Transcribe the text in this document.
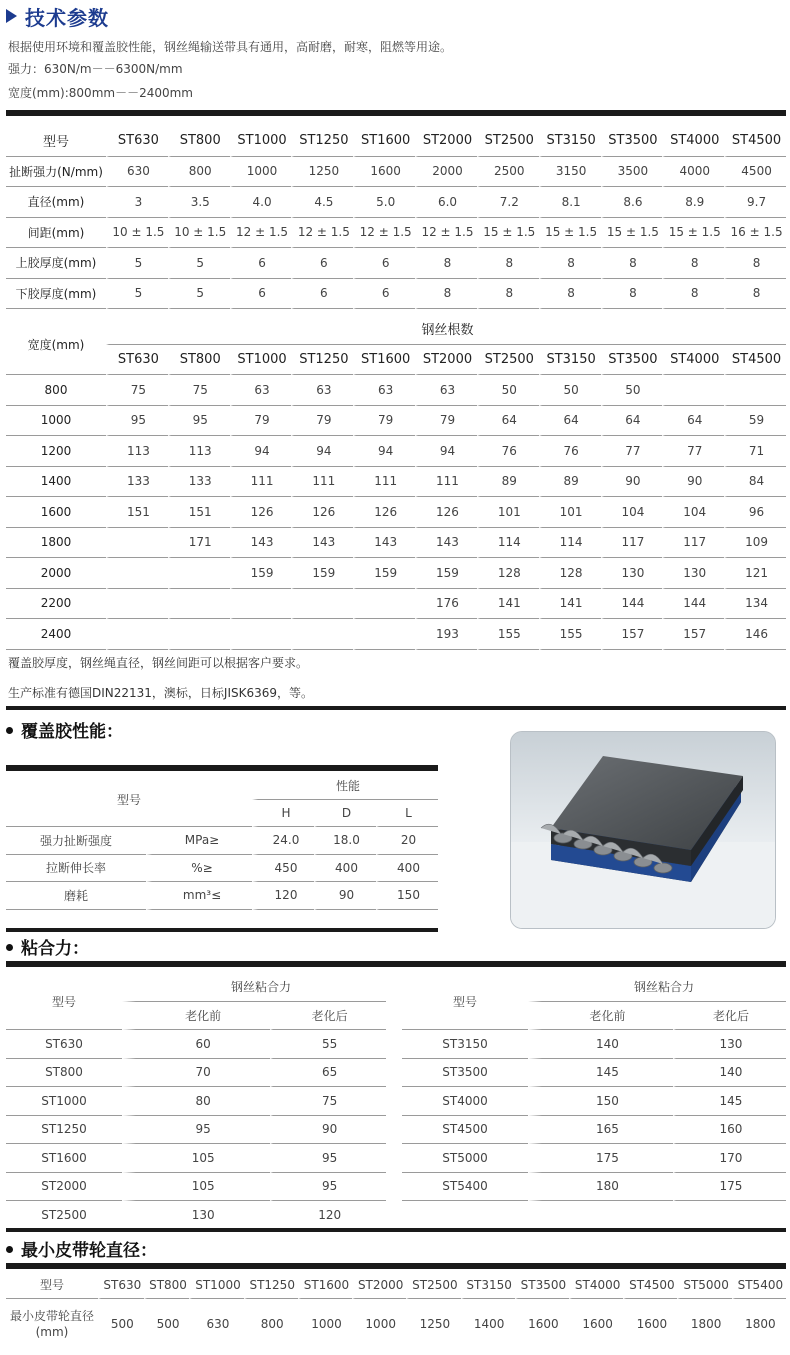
技术参数
根据使用环境和覆盖胶性能，钢丝绳输送带具有通用，高耐磨，耐寒，阻燃等用途。
强力：630N/m－－6300N/mm
宽度(mm):800mm－－2400mm
型号	ST630	ST800	ST1000	ST1250	ST1600	ST2000	ST2500	ST3150	ST3500	ST4000	ST4500
扯断强力(N/mm)	630	800	1000	1250	1600	2000	2500	3150	3500	4000	4500
直径(mm)	3	3.5	4.0	4.5	5.0	6.0	7.2	8.1	8.6	8.9	9.7
间距(mm)	10 ± 1.5	10 ± 1.5	12 ± 1.5	12 ± 1.5	12 ± 1.5	12 ± 1.5	15 ± 1.5	15 ± 1.5	15 ± 1.5	15 ± 1.5	16 ± 1.5
上胶厚度(mm)	5	5	6	6	6	8	8	8	8	8	8
下胶厚度(mm)	5	5	6	6	6	8	8	8	8	8	8
宽度(mm)	钢丝根数										
	ST630	ST800	ST1000	ST1250	ST1600	ST2000	ST2500	ST3150	ST3500	ST4000	ST4500
800	75	75	63	63	63	63	50	50	50		
1000	95	95	79	79	79	79	64	64	64	64	59
1200	113	113	94	94	94	94	76	76	77	77	71
1400	133	133	111	111	111	111	89	89	90	90	84
1600	151	151	126	126	126	126	101	101	104	104	96
1800		171	143	143	143	143	114	114	117	117	109
2000			159	159	159	159	128	128	130	130	121
2200						176	141	141	144	144	134
2400						193	155	155	157	157	146
覆盖胶厚度，钢丝绳直径，钢丝间距可以根据客户要求。
生产标准有德国DIN22131，澳标，日标JISK6369，等。
覆盖胶性能：
型号		性能		
		H	D	L
强力扯断强度	MPa≥	24.0	18.0	20
拉断伸长率	%≥	450	400	400
磨耗	mm³≤	120	90	150
粘合力：
型号	钢丝粘合力	
	老化前	老化后
ST630	60	55
ST800	70	65
ST1000	80	75
ST1250	95	90
ST1600	105	95
ST2000	105	95
ST2500	130	120
型号	钢丝粘合力	
	老化前	老化后
ST3150	140	130
ST3500	145	140
ST4000	150	145
ST4500	165	160
ST5000	175	170
ST5400	180	175
最小皮带轮直径：
型号	ST630	ST800	ST1000	ST1250	ST1600	ST2000	ST2500	ST3150	ST3500	ST4000	ST4500	ST5000	ST5400

最小皮带轮直径
(mm)	500	500	630	800	1000	1000	1250	1400	1600	1600	1600	1800	1800
